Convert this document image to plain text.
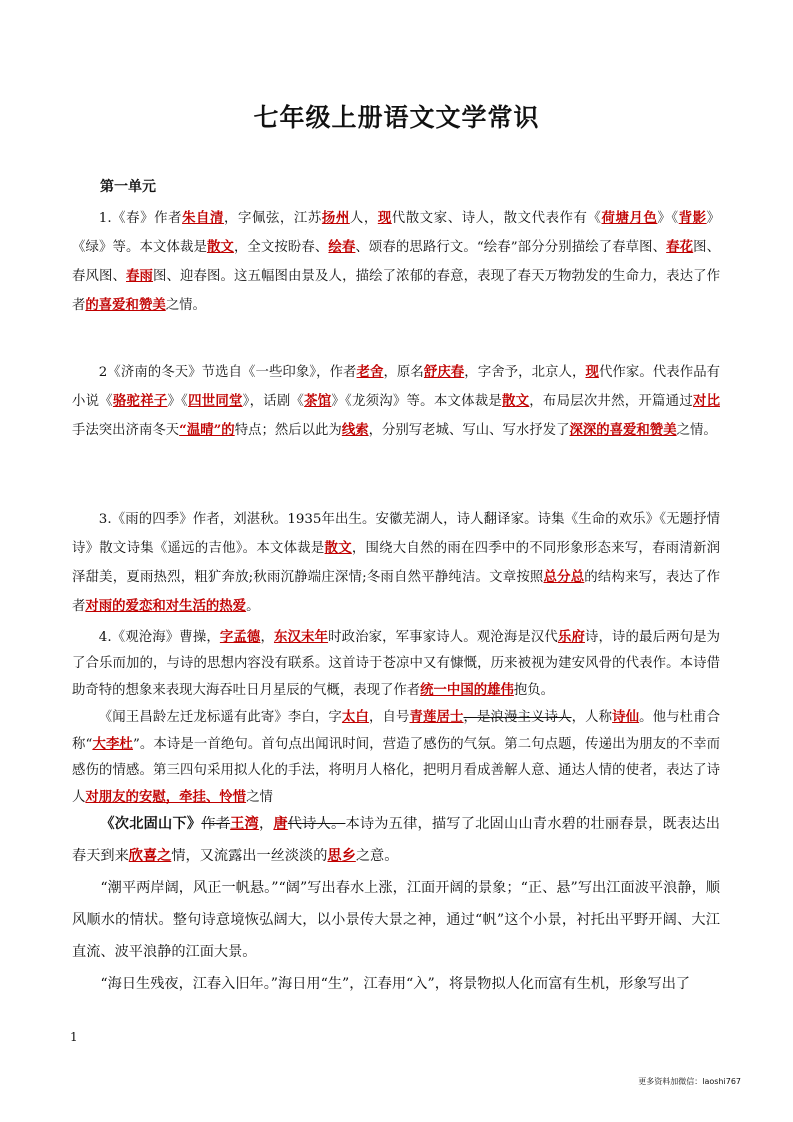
七年级上册语文文学常识
第一单元

1.《春》作者朱自清，字佩弦，江苏扬州人，现代散文家、诗人，散文代表作有《荷塘月色》《背影》《绿》等。本文体裁是散文，全文按盼春、绘春、颂春的思路行文。“绘春”部分分别描绘了春草图、春花图、春风图、春雨图、迎春图。这五幅图由景及人，描绘了浓郁的春意，表现了春天万物勃发的生命力，表达了作者的喜爱和赞美之情。

2《济南的冬天》节选自《一些印象》，作者老舍，原名舒庆春，字舍予，北京人，现代作家。代表作品有小说《骆驼祥子》《四世同堂》，话剧《茶馆》《龙须沟》等。本文体裁是散文，布局层次井然，开篇通过对比手法突出济南冬天“温晴”的特点；然后以此为线索，分别写老城、写山、写水抒发了深深的喜爱和赞美之情。

3.《雨的四季》作者，刘湛秋。1935年出生。安徽芜湖人，诗人翻译家。诗集《生命的欢乐》《无题抒情诗》散文诗集《遥远的吉他》。本文体裁是散文，围绕大自然的雨在四季中的不同形象形态来写，春雨清新润泽甜美，夏雨热烈，粗犷奔放;秋雨沉静端庄深情;冬雨自然平静纯洁。文章按照总分总的结构来写，表达了作者对雨的爱恋和对生活的热爱。

4.《观沧海》曹操，字孟德，东汉末年时政治家，军事家诗人。观沧海是汉代乐府诗，诗的最后两句是为了合乐而加的，与诗的思想内容没有联系。这首诗于苍凉中又有慷慨，历来被视为建安风骨的代表作。本诗借助奇特的想象来表现大海吞吐日月星辰的气概，表现了作者统一中国的雄伟抱负。

《闻王昌龄左迁龙标遥有此寄》李白，字太白，自号青莲居士，是浪漫主义诗人，人称诗仙。他与杜甫合称“大李杜”。本诗是一首绝句。首句点出闻讯时间，营造了感伤的气氛。第二句点题，传递出为朋友的不幸而感伤的情感。第三四句采用拟人化的手法，将明月人格化，把明月看成善解人意、通达人情的使者，表达了诗人对朋友的安慰，牵挂、怜惜之情

《次北固山下》作者王湾，唐代诗人。本诗为五律，描写了北固山山青水碧的壮丽春景，既表达出春天到来欣喜之情，又流露出一丝淡淡的思乡之意。

“潮平两岸阔，风正一帆悬。”“阔”写出春水上涨，江面开阔的景象；“正、悬”写出江面波平浪静，顺风顺水的情状。整句诗意境恢弘阔大，以小景传大景之神，通过“帆”这个小景，衬托出平野开阔、大江直流、波平浪静的江面大景。

“海日生残夜，江春入旧年。”海日用“生”，江春用“入”，将景物拟人化而富有生机，形象写出了

1
更多资料加微信：laoshi767
